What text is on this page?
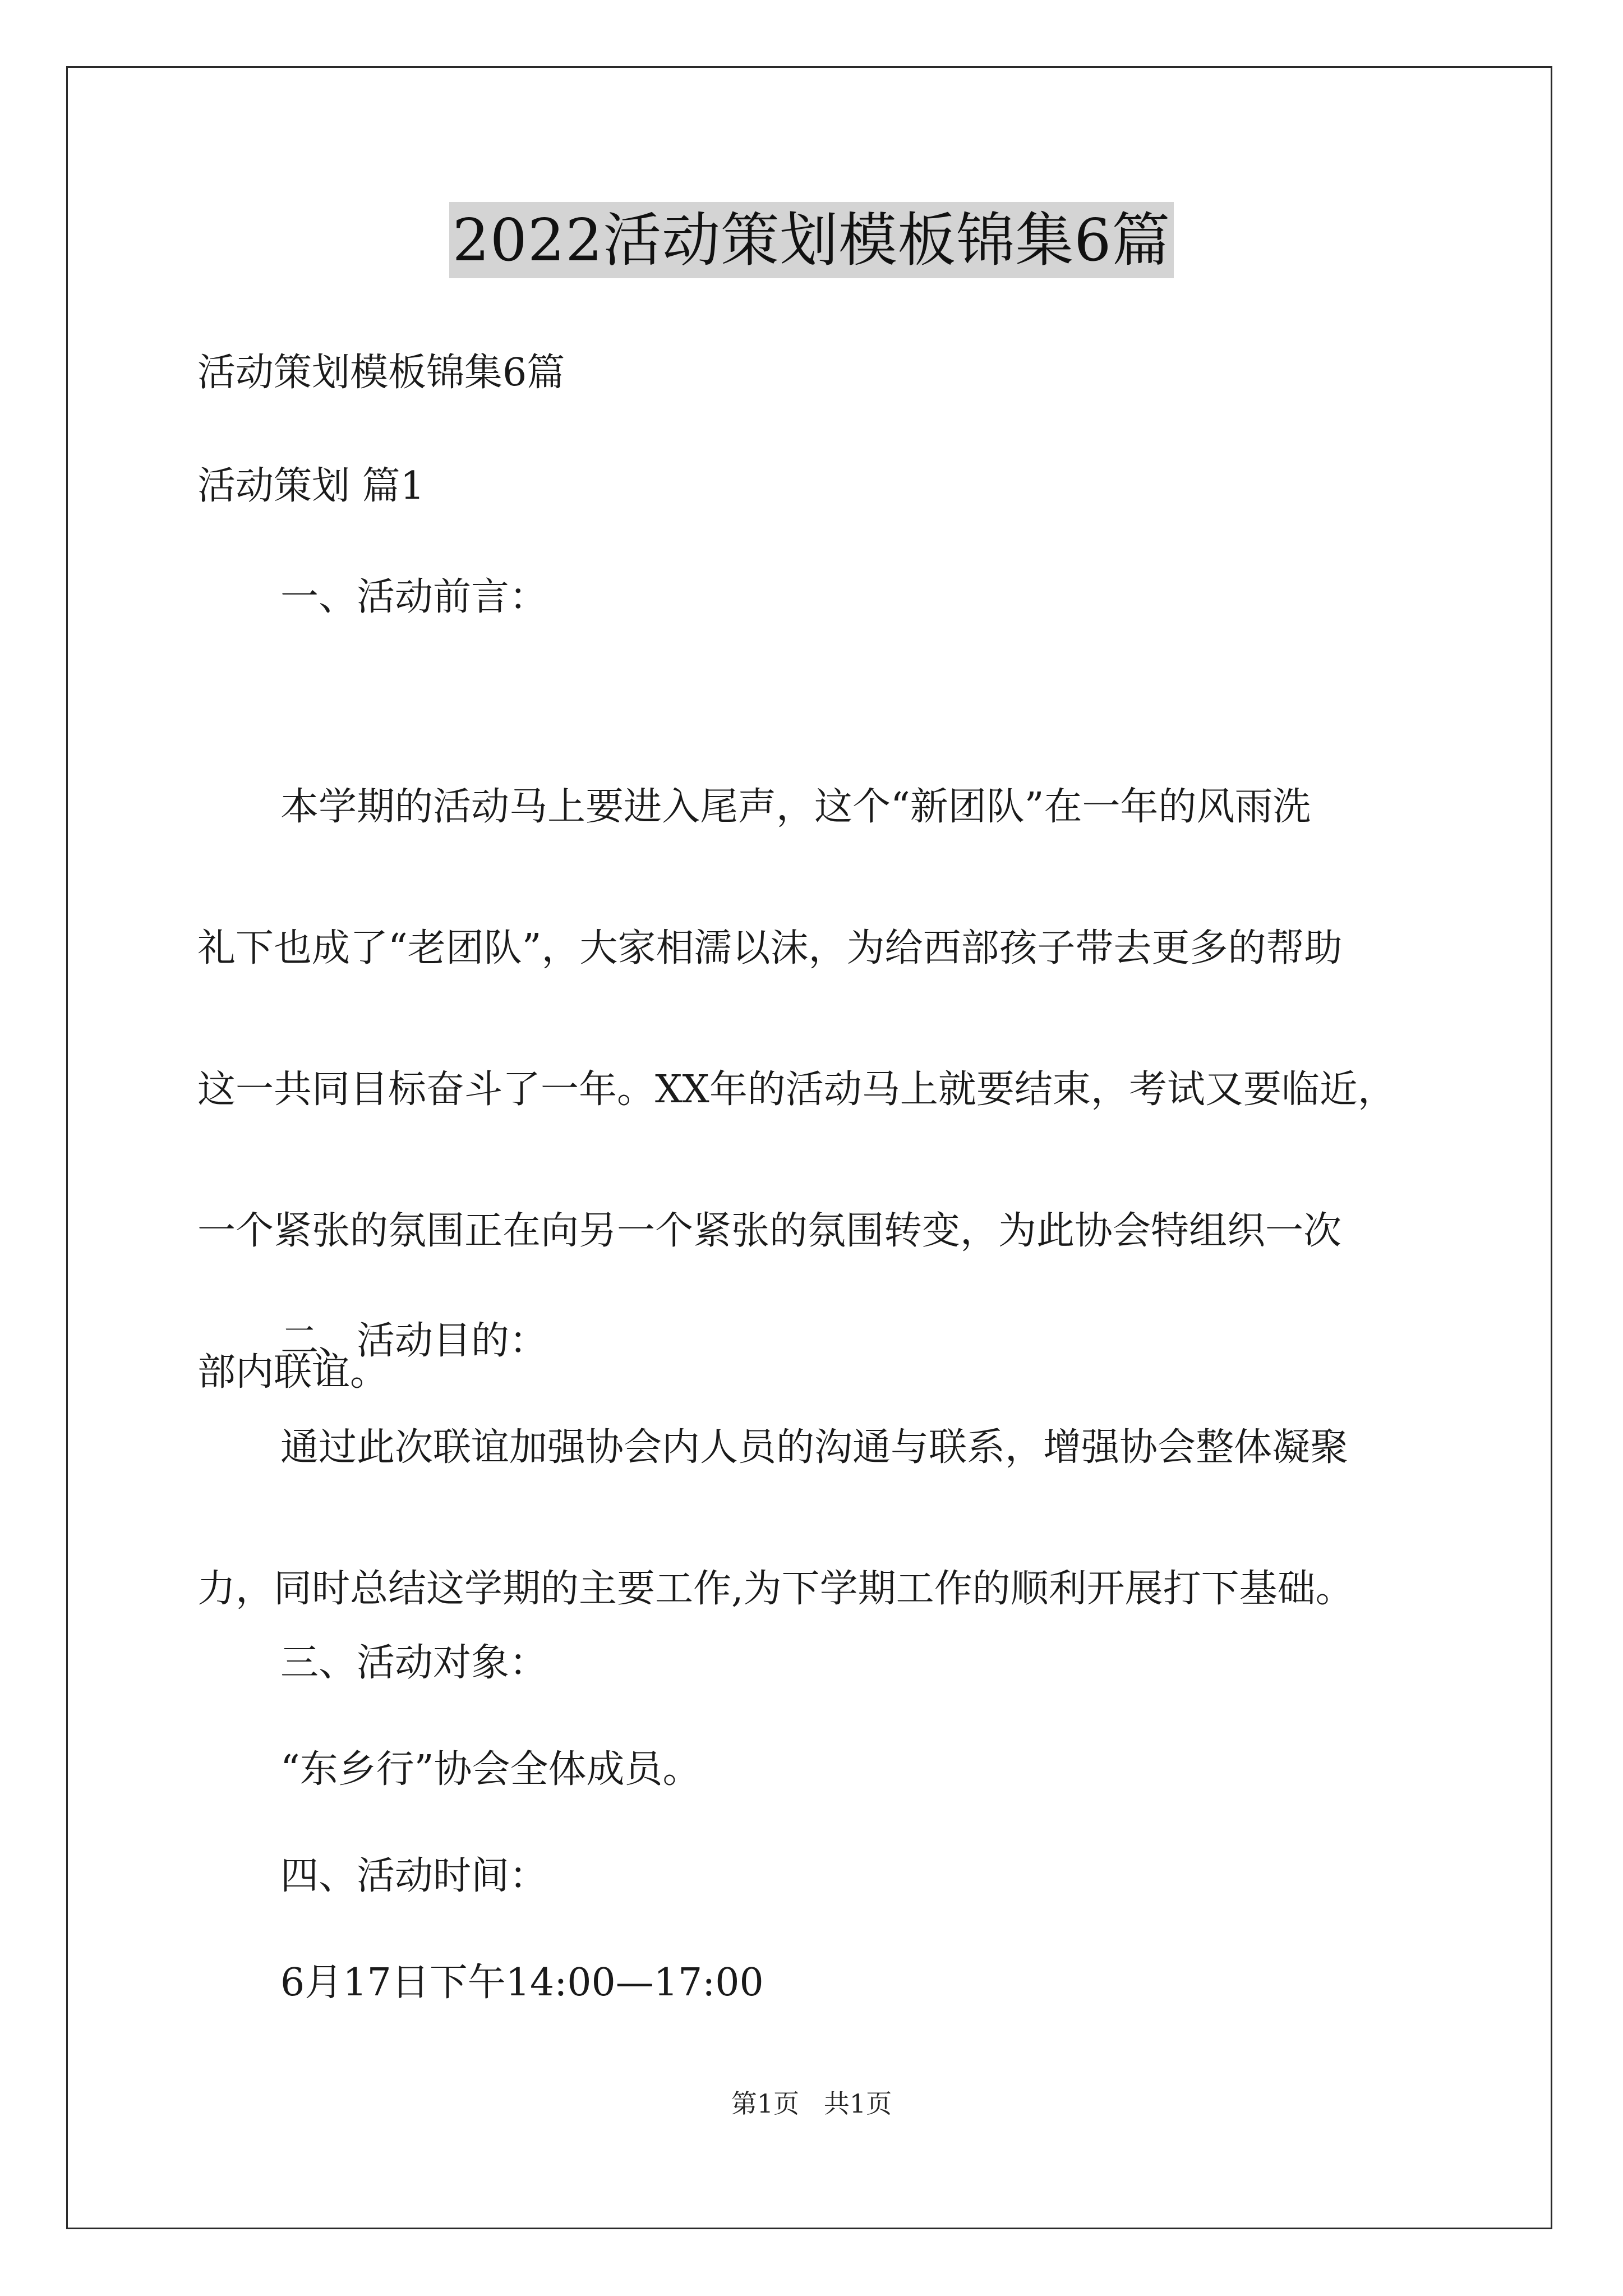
2022活动策划模板锦集6篇
活动策划模板锦集6篇
活动策划 篇1
一、活动前言：
本学期的活动马上要进入尾声，这个“新团队”在一年的风雨洗
礼下也成了“老团队”，大家相濡以沫，为给西部孩子带去更多的帮助
这一共同目标奋斗了一年。XX年的活动马上就要结束，考试又要临近，
一个紧张的氛围正在向另一个紧张的氛围转变，为此协会特组织一次
部内联谊。
二、活动目的：
通过此次联谊加强协会内人员的沟通与联系，增强协会整体凝聚
力，同时总结这学期的主要工作,为下学期工作的顺利开展打下基础。
三、活动对象：
“东乡行”协会全体成员。
四、活动时间：
6月17日下午14:00—17:00
第1页   共1页
